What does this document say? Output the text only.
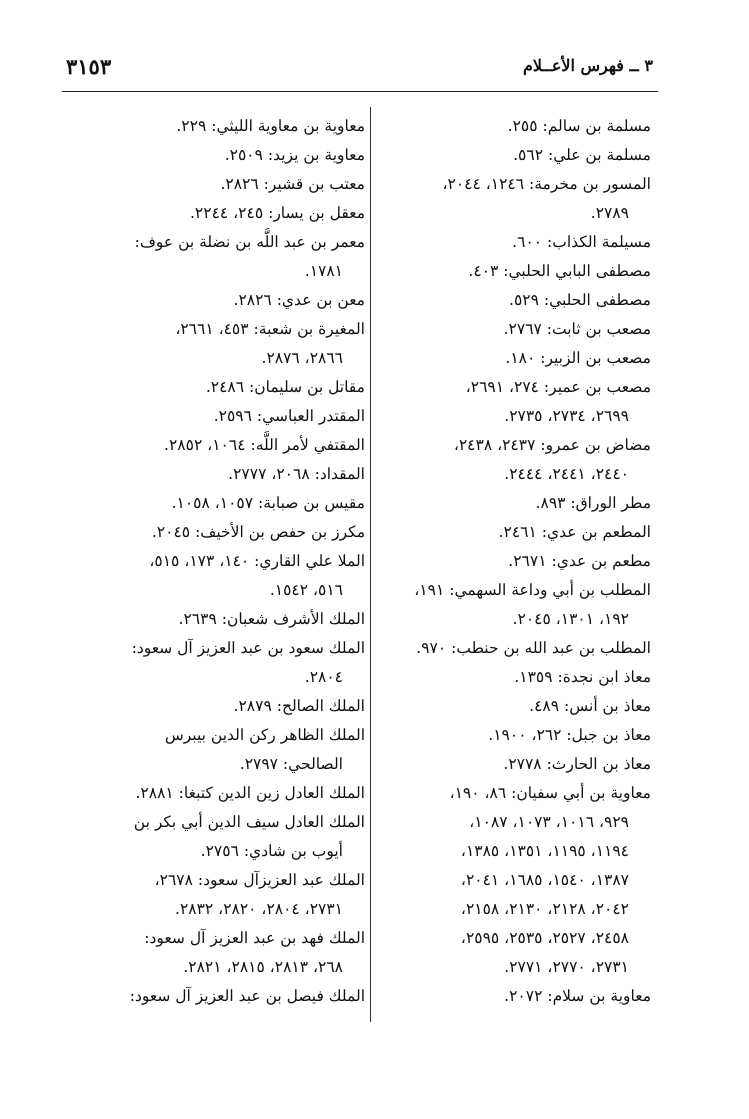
٣١٥٣	٣ ــ فهرس الأعــلام
مسلمة بن سالم: ٢٥٥.
مسلمة بن علي: ٥٦٢.
المسور بن مخرمة: ١٢٤٦، ٢٠٤٤،
٢٧٨٩.
مسيلمة الكذاب: ٦٠٠.
مصطفى البابي الحلبي: ٤٠٣.
مصطفى الحلبي: ٥٢٩.
مصعب بن ثابت: ٢٧٦٧.
مصعب بن الزبير: ١٨٠.
مصعب بن عمير: ٢٧٤، ٢٦٩١،
٢٦٩٩، ٢٧٣٤، ٢٧٣٥.
مضاض بن عمرو: ٢٤٣٧، ٢٤٣٨،
٢٤٤٠، ٢٤٤١، ٢٤٤٤.
مطر الوراق: ٨٩٣.
المطعم بن عدي: ٢٤٦١.
مطعم بن عدي: ٢٦٧١.
المطلب بن أبي وداعة السهمي: ١٩١،
١٩٢، ١٣٠١، ٢٠٤٥.
المطلب بن عبد الله بن حنطب: ٩٧٠.
معاذ ابن نجدة: ١٣٥٩.
معاذ بن أنس: ٤٨٩.
معاذ بن جبل: ٢٦٢، ١٩٠٠.
معاذ بن الحارث: ٢٧٧٨.
معاوية بن أبي سفيان: ٨٦، ١٩٠،
٩٢٩، ١٠١٦، ١٠٧٣، ١٠٨٧،
١١٩٤، ١١٩٥، ١٣٥١، ١٣٨٥،
١٣٨٧، ١٥٤٠، ١٦٨٥، ٢٠٤١،
٢٠٤٢، ٢١٢٨، ٢١٣٠، ٢١٥٨،
٢٤٥٨، ٢٥٢٧، ٢٥٣٥، ٢٥٩٥،
٢٧٣١، ٢٧٧٠، ٢٧٧١.
معاوية بن سلام: ٢٠٧٢.
معاوية بن معاوية الليثي: ٢٢٩.
معاوية بن يزيد: ٢٥٠٩.
معتب بن قشير: ٢٨٢٦.
معقل بن يسار: ٢٤٥، ٢٢٤٤.
معمر بن عبد اللَّه بن نضلة بن عوف:
١٧٨١.
معن بن عدي: ٢٨٢٦.
المغيرة بن شعبة: ٤٥٣، ٢٦٦١،
٢٨٦٦، ٢٨٧٦.
مقاتل بن سليمان: ٢٤٨٦.
المقتدر العباسي: ٢٥٩٦.
المقتفي لأمر اللَّه: ١٠٦٤، ٢٨٥٢.
المقداد: ٢٠٦٨، ٢٧٧٧.
مقيس بن صبابة: ١٠٥٧، ١٠٥٨.
مكرز بن حفص بن الأخيف: ٢٠٤٥.
الملا علي القاري: ١٤٠، ١٧٣، ٥١٥،
٥١٦، ١٥٤٢.
الملك الأشرف شعبان: ٢٦٣٩.
الملك سعود بن عبد العزيز آل سعود:
٢٨٠٤.
الملك الصالح: ٢٨٧٩.
الملك الظاهر ركن الدين بيبرس
الصالحي: ٢٧٩٧.
الملك العادل زين الدين كتبغا: ٢٨٨١.
الملك العادل سيف الدين أبي بكر بن
أيوب بن شادي: ٢٧٥٦.
الملك عبد العزيزآل سعود: ٢٦٧٨،
٢٧٣١، ٢٨٠٤، ٢٨٢٠، ٢٨٣٢.
الملك فهد بن عبد العزيز آل سعود:
٢٦٨، ٢٨١٣، ٢٨١٥، ٢٨٢١.
الملك فيصل بن عبد العزيز آل سعود:
